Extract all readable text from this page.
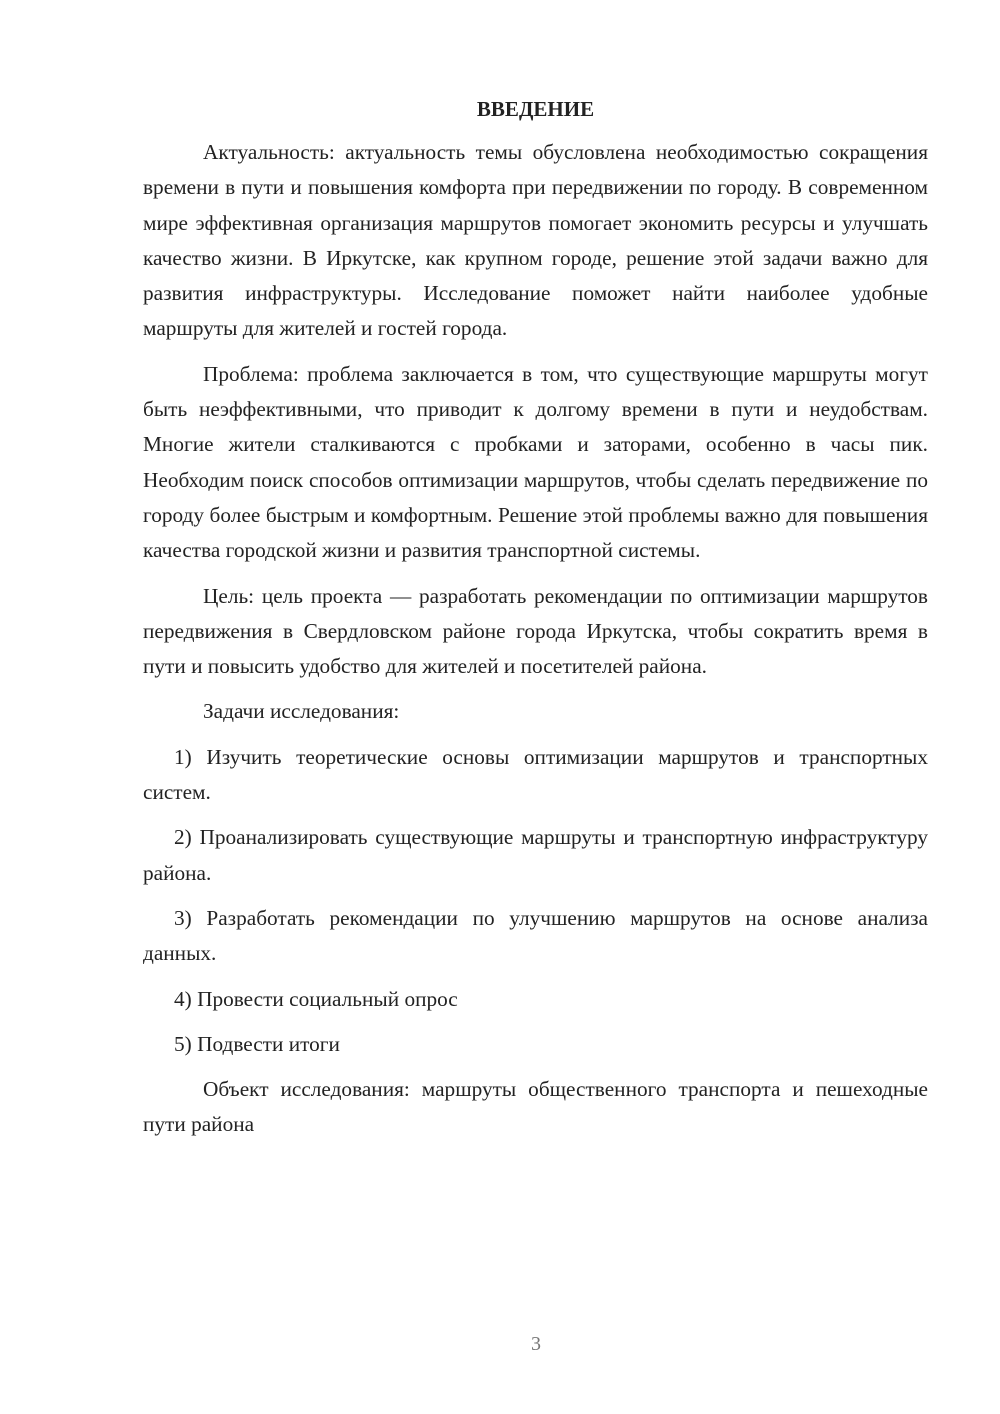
ВВЕДЕНИЕ

Актуальность: актуальность темы обусловлена необходимостью сокращения времени в пути и повышения комфорта при передвижении по городу. В современном мире эффективная организация маршрутов помогает экономить ресурсы и улучшать качество жизни. В Иркутске, как крупном городе, решение этой задачи важно для развития инфраструктуры. Исследование поможет найти наиболее удобные маршруты для жителей и гостей города.

Проблема: проблема заключается в том, что существующие маршруты могут быть неэффективными, что приводит к долгому времени в пути и неудобствам. Многие жители сталкиваются с пробками и заторами, особенно в часы пик. Необходим поиск способов оптимизации маршрутов, чтобы сделать передвижение по городу более быстрым и комфортным. Решение этой проблемы важно для повышения качества городской жизни и развития транспортной системы.

Цель: цель проекта — разработать рекомендации по оптимизации маршрутов передвижения в Свердловском районе города Иркутска, чтобы сократить время в пути и повысить удобство для жителей и посетителей района.

Задачи исследования:

1) Изучить теоретические основы оптимизации маршрутов и транспортных систем.

2) Проанализировать существующие маршруты и транспортную инфраструктуру района.

3) Разработать рекомендации по улучшению маршрутов на основе анализа данных.

4) Провести социальный опрос

5) Подвести итоги

Объект исследования: маршруты общественного транспорта и пешеходные пути района

3
